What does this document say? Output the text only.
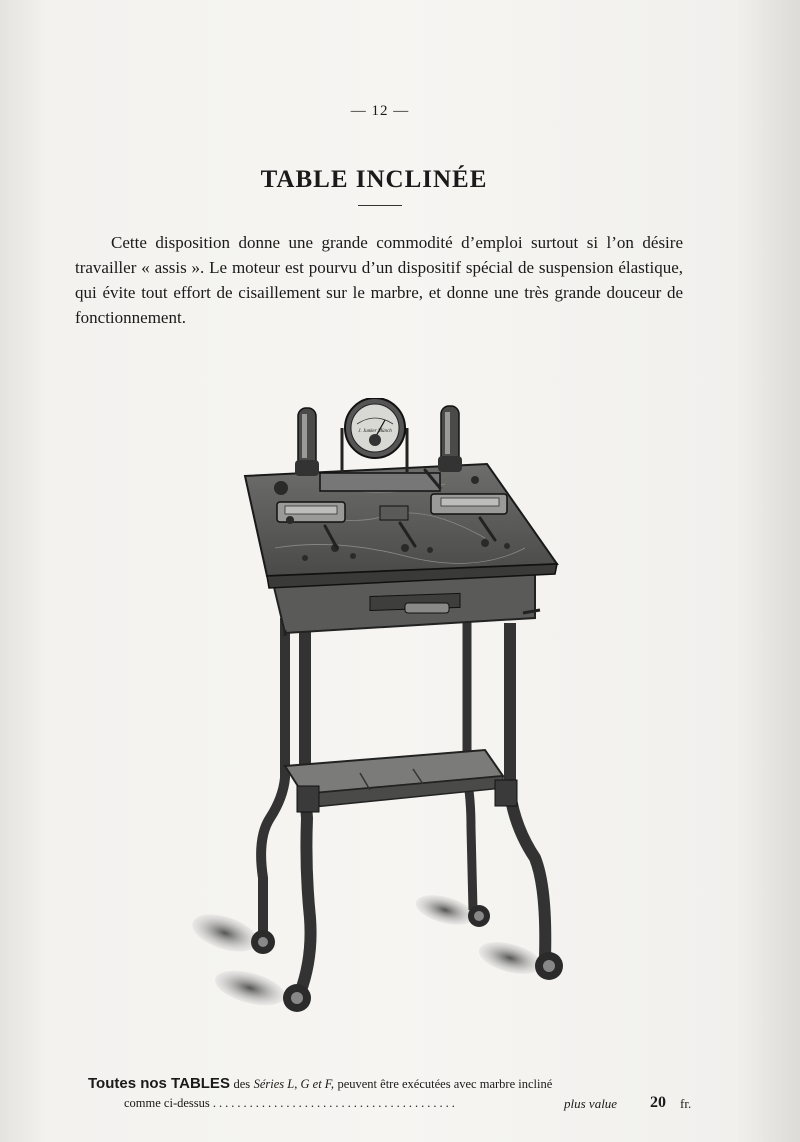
— 12 —
TABLE INCLINÉE

Cette disposition donne une grande commodité d’emploi surtout si l’on désire travailler « assis ». Le moteur est pourvu d’un dispositif spécial de suspension élastique, qui évite tout effort de cisaillement sur le marbre, et donne une très grande douceur de fonctionnement.

J. Junker Münch
Toutes nos TABLES des Séries L, G et F, peuvent être exécutées avec marbre incliné
comme ci-dessus ........................................	plus value 20 fr.
